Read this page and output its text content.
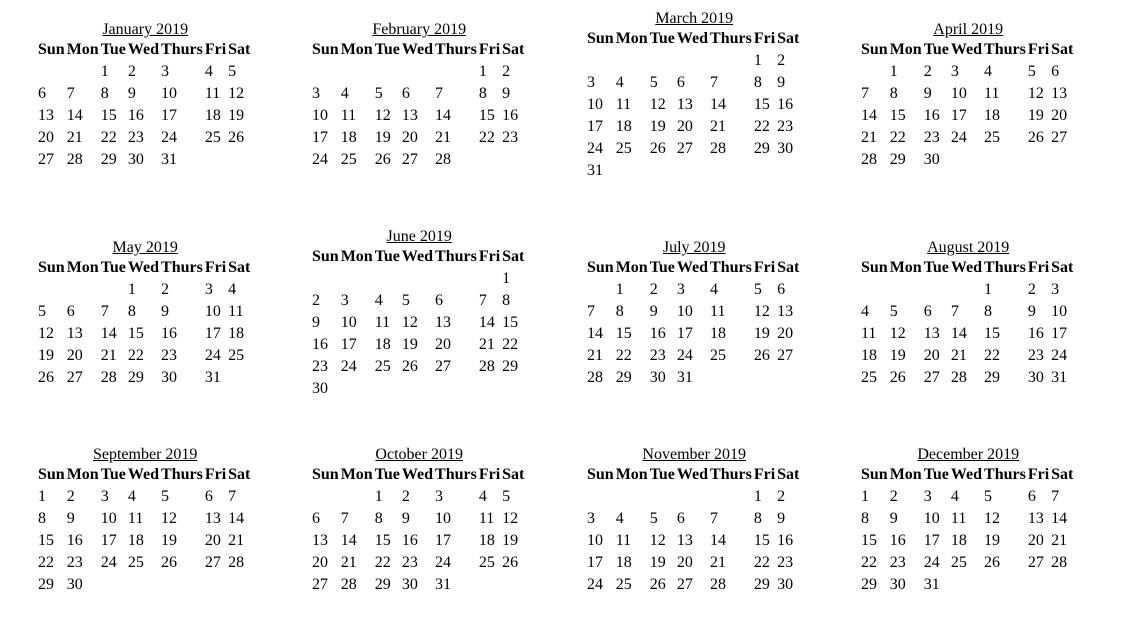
January 2019
Sun	Mon	Tue	Wed	Thurs	Fri	Sat
		1	2	3	4	5
6	7	8	9	10	11	12
13	14	15	16	17	18	19
20	21	22	23	24	25	26
27	28	29	30	31		
February 2019
Sun	Mon	Tue	Wed	Thurs	Fri	Sat
					1	2
3	4	5	6	7	8	9
10	11	12	13	14	15	16
17	18	19	20	21	22	23
24	25	26	27	28		
March 2019
Sun	Mon	Tue	Wed	Thurs	Fri	Sat
					1	2
3	4	5	6	7	8	9
10	11	12	13	14	15	16
17	18	19	20	21	22	23
24	25	26	27	28	29	30
31						
April 2019
Sun	Mon	Tue	Wed	Thurs	Fri	Sat
	1	2	3	4	5	6
7	8	9	10	11	12	13
14	15	16	17	18	19	20
21	22	23	24	25	26	27
28	29	30				
May 2019
Sun	Mon	Tue	Wed	Thurs	Fri	Sat
			1	2	3	4
5	6	7	8	9	10	11
12	13	14	15	16	17	18
19	20	21	22	23	24	25
26	27	28	29	30	31	
June 2019
Sun	Mon	Tue	Wed	Thurs	Fri	Sat
						1
2	3	4	5	6	7	8
9	10	11	12	13	14	15
16	17	18	19	20	21	22
23	24	25	26	27	28	29
30						
July 2019
Sun	Mon	Tue	Wed	Thurs	Fri	Sat
	1	2	3	4	5	6
7	8	9	10	11	12	13
14	15	16	17	18	19	20
21	22	23	24	25	26	27
28	29	30	31			
August 2019
Sun	Mon	Tue	Wed	Thurs	Fri	Sat
				1	2	3
4	5	6	7	8	9	10
11	12	13	14	15	16	17
18	19	20	21	22	23	24
25	26	27	28	29	30	31
September 2019
Sun	Mon	Tue	Wed	Thurs	Fri	Sat
1	2	3	4	5	6	7
8	9	10	11	12	13	14
15	16	17	18	19	20	21
22	23	24	25	26	27	28
29	30					
October 2019
Sun	Mon	Tue	Wed	Thurs	Fri	Sat
		1	2	3	4	5
6	7	8	9	10	11	12
13	14	15	16	17	18	19
20	21	22	23	24	25	26
27	28	29	30	31		
November 2019
Sun	Mon	Tue	Wed	Thurs	Fri	Sat
					1	2
3	4	5	6	7	8	9
10	11	12	13	14	15	16
17	18	19	20	21	22	23
24	25	26	27	28	29	30
December 2019
Sun	Mon	Tue	Wed	Thurs	Fri	Sat
1	2	3	4	5	6	7
8	9	10	11	12	13	14
15	16	17	18	19	20	21
22	23	24	25	26	27	28
29	30	31				
